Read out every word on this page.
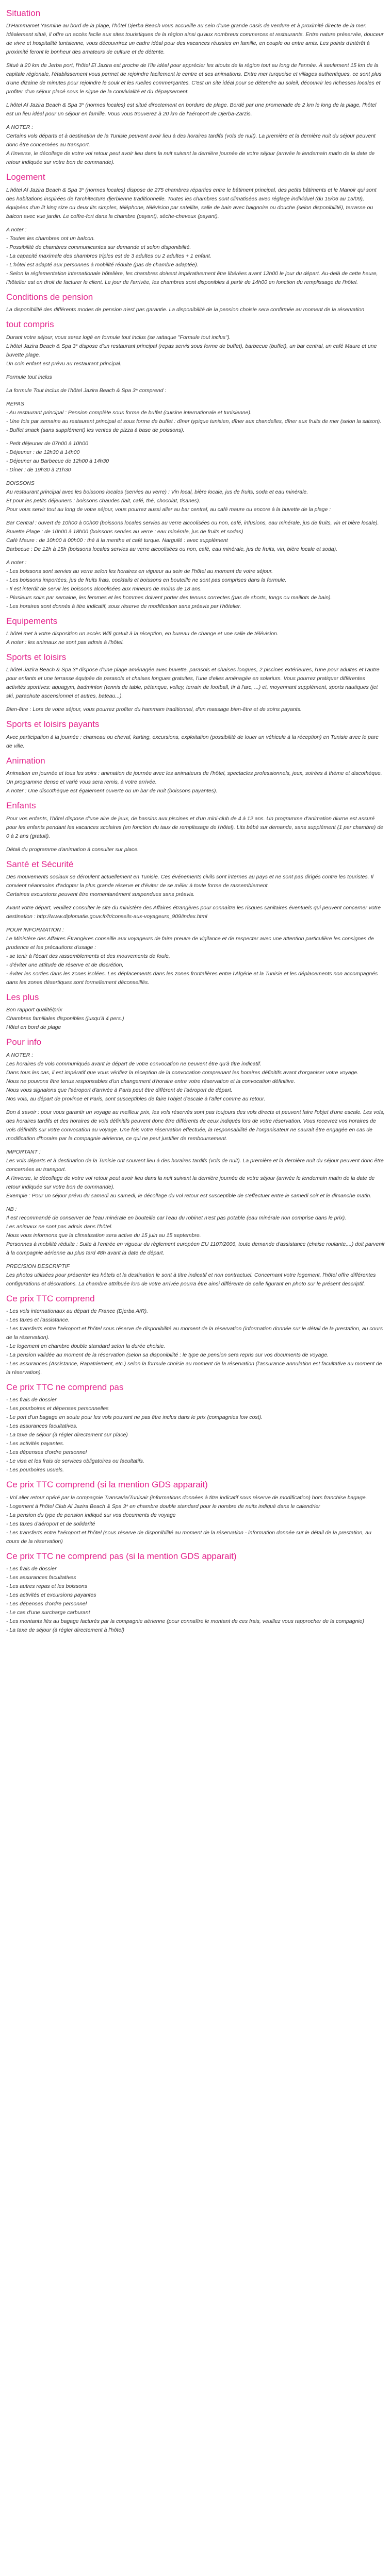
Situation
D'Hammamet Yasmine au bord de la plage, l'hôtel Djerba Beach vous accueille au sein d'une grande oasis de verdure et à proximité directe de la mer. Idéalement situé, il offre un accès facile aux sites touristiques de la région ainsi qu'aux nombreux commerces et restaurants. Entre nature préservée, douceur de vivre et hospitalité tunisienne, vous découvrirez un cadre idéal pour des vacances réussies en famille, en couple ou entre amis. Les points d'intérêt à proximité feront le bonheur des amateurs de culture et de détente.
Situé à 20 km de Jerba port, l'hôtel El Jazira est proche de l'île idéal pour apprécier les atouts de la région tout au long de l'année. À seulement 15 km de la capitale régionale, l'établissement vous permet de rejoindre facilement le centre et ses animations. Entre mer turquoise et villages authentiques, ce sont plus d'une dizaine de minutes pour rejoindre le souk et les ruelles commerçantes. C'est un site idéal pour se détendre au soleil, découvrir les richesses locales et profiter d'un séjour placé sous le signe de la convivialité et du dépaysement.
L'hôtel Al Jazira Beach & Spa 3* (normes locales) est situé directement en bordure de plage. Bordé par une promenade de 2 km le long de la plage, l'hôtel est un lieu idéal pour un séjour en famille. Vous vous trouverez à 20 km de l'aéroport de Djerba-Zarzis.
A NOTER :
Certains vols départs et à destination de la Tunisie peuvent avoir lieu à des horaires tardifs (vols de nuit). La première et la dernière nuit du séjour peuvent donc être concernées au transport.
A l'inverse, le décollage de votre vol retour peut avoir lieu dans la nuit suivant la dernière journée de votre séjour (arrivée le lendemain matin de la date de retour indiquée sur votre bon de commande).
Logement
L'hôtel Al Jazira Beach & Spa 3* (normes locales) dispose de 275 chambres réparties entre le bâtiment principal, des petits bâtiments et le Manoir qui sont des habitations inspirées de l'architecture djerbienne traditionnelle. Toutes les chambres sont climatisées avec réglage individuel (du 15/06 au 15/09), équipées d'un lit king size ou deux lits simples, téléphone, télévision par satellite, salle de bain avec baignoire ou douche (selon disponibilité), terrasse ou balcon avec vue jardin. Le coffre-fort dans la chambre (payant), sèche-cheveux (payant).
A noter :
- Toutes les chambres ont un balcon.
- Possibilité de chambres communicantes sur demande et selon disponibilité.
- La capacité maximale des chambres triples est de 3 adultes ou 2 adultes + 1 enfant.
- L'hôtel est adapté aux personnes à mobilité réduite (pas de chambre adaptée).
- Selon la réglementation internationale hôtelière, les chambres doivent impérativement être libérées avant 12h00 le jour du départ. Au-delà de cette heure, l'hôtelier est en droit de facturer le client. Le jour de l'arrivée, les chambres sont disponibles à partir de 14h00 en fonction du remplissage de l'hôtel.
Conditions de pension
La disponibilité des différents modes de pension n'est pas garantie. La disponibilité de la pension choisie sera confirmée au moment de la réservation
tout compris
Durant votre séjour, vous serez logé en formule tout inclus (se rattaque "Formule tout inclus").
L'hôtel Jazira Beach & Spa 3* dispose d'un restaurant principal (repas servis sous forme de buffet), barbecue (buffet), un bar central, un café Maure et une buvette plage.
Un coin enfant est prévu au restaurant principal.
Formule tout inclus
La formule Tout inclus de l'hôtel Jazira Beach & Spa 3* comprend :
REPAS
- Au restaurant principal : Pension complète sous forme de buffet (cuisine internationale et tunisienne).
- Une fois par semaine au restaurant principal et sous forme de buffet : dîner typique tunisien, dîner aux chandelles, dîner aux fruits de mer (selon la saison).
- Buffet snack (sans supplément) les ventes de pizza à base de poissons).
- Petit déjeuner de 07h00 à 10h00
- Déjeuner : de 12h30 à 14h00
- Déjeuner au Barbecue de 12h00 à 14h30
- Dîner : de 19h30 à 21h30
BOISSONS
Au restaurant principal avec les boissons locales (servies au verre) : Vin local, bière locale, jus de fruits, soda et eau minérale.
Et pour les petits déjeuners : boissons chaudes (lait, café, thé, chocolat, tisanes).
Pour vous servir tout au long de votre séjour, vous pourrez aussi aller au bar central, au café maure ou encore à la buvette de la plage :
Bar Central : ouvert de 10h00 à 00h00 (boissons locales servies au verre alcoolisées ou non, café, infusions, eau minérale, jus de fruits, vin et bière locale).
Buvette Plage : de 10h00 à 18h00 (boissons servies au verre : eau minérale, jus de fruits et sodas)
Café Maure : de 10h00 à 00h00 : thé à la menthe et café turque. Narguilé : avec supplément
Barbecue : De 12h à 15h (boissons locales servies au verre alcoolisées ou non, café, eau minérale, jus de fruits, vin, bière locale et soda).
A noter :
- Les boissons sont servies au verre selon les horaires en vigueur au sein de l'hôtel au moment de votre séjour.
- Les boissons importées, jus de fruits frais, cocktails et boissons en bouteille ne sont pas comprises dans la formule.
- Il est interdit de servir les boissons alcoolisées aux mineurs de moins de 18 ans.
- Plusieurs soirs par semaine, les femmes et les hommes doivent porter des tenues correctes (pas de shorts, tongs ou maillots de bain).
- Les horaires sont donnés à titre indicatif, sous réserve de modification sans préavis par l'hôtelier.
Equipements
L'hôtel met à votre disposition un accès Wifi gratuit à la réception, en bureau de change et une salle de télévision.
A noter : les animaux ne sont pas admis à l'hôtel.
Sports et loisirs
L'hôtel Jazira Beach & Spa 3* dispose d'une plage aménagée avec buvette, parasols et chaises longues, 2 piscines extérieures, l'une pour adultes et l'autre pour enfants et une terrasse équipée de parasols et chaises longues gratuites, l'une d'elles aménagée en solarium. Vous pourrez pratiquer différentes activités sportives: aquagym, badminton (tennis de table, pétanque, volley, terrain de football, tir à l'arc, ...) et, moyennant supplément, sports nautiques (jet ski, parachute ascensionnel et autres, bateau...).
Bien-être : Lors de votre séjour, vous pourrez profiter du hammam traditionnel, d'un massage bien-être et de soins payants.
Sports et loisirs payants
Avec participation à la journée : chameau ou cheval, karting, excursions, exploitation (possibilité de louer un véhicule à la réception) en Tunisie avec le parc de ville.
Animation
Animation en journée et tous les soirs : animation de journée avec les animateurs de l'hôtel, spectacles professionnels, jeux, soirées à thème et discothèque. Un programme dense et varié vous sera remis, à votre arrivée.
A noter : Une discothèque est également ouverte ou un bar de nuit (boissons payantes).
Enfants
Pour vos enfants, l'hôtel dispose d'une aire de jeux, de bassins aux piscines et d'un mini-club de 4 à 12 ans. Un programme d'animation diurne est assuré pour les enfants pendant les vacances scolaires (en fonction du taux de remplissage de l'hôtel). Lits bébé sur demande, sans supplément (1 par chambre) de 0 à 2 ans (gratuit).
Détail du programme d'animation à consulter sur place.
Santé et Sécurité
Des mouvements sociaux se déroulent actuellement en Tunisie. Ces événements civils sont internes au pays et ne sont pas dirigés contre les touristes. Il convient néanmoins d'adopter la plus grande réserve et d'éviter de se mêler à toute forme de rassemblement.
Certaines excursions peuvent être momentanément suspendues sans préavis.
Avant votre départ, veuillez consulter le site du ministère des Affaires étrangères pour connaître les risques sanitaires éventuels qui peuvent concerner votre destination : http://www.diplomatie.gouv.fr/fr/conseils-aux-voyageurs_909/index.html
POUR INFORMATION :
Le Ministère des Affaires Étrangères conseille aux voyageurs de faire preuve de vigilance et de respecter avec une attention particulière les consignes de prudence et les précautions d'usage :
- se tenir à l'écart des rassemblements et des mouvements de foule,
- d'éviter une attitude de réserve et de discrétion,
- éviter les sorties dans les zones isolées. Les déplacements dans les zones frontalières entre l'Algérie et la Tunisie et les déplacements non accompagnés dans les zones désertiques sont formellement déconseillés.
Les plus
Bon rapport qualité/prix
Chambres familiales disponibles (jusqu'à 4 pers.)
Hôtel en bord de plage
Pour info
A NOTER :
Les horaires de vols communiqués avant le départ de votre convocation ne peuvent être qu'à titre indicatif.
Dans tous les cas, il est impératif que vous vérifiez la réception de la convocation comprenant les horaires définitifs avant d'organiser votre voyage.
Nous ne pouvons être tenus responsables d'un changement d'horaire entre votre réservation et la convocation définitive.
Nous vous signalons que l'aéroport d'arrivée à Paris peut être différent de l'aéroport de départ.
Nos vols, au départ de province et Paris, sont susceptibles de faire l'objet d'escale à l'aller comme au retour.
Bon à savoir : pour vous garantir un voyage au meilleur prix, les vols réservés sont pas toujours des vols directs et peuvent faire l'objet d'une escale. Les vols, des horaires tardifs et des horaires de vols définitifs peuvent donc être différents de ceux indiqués lors de votre réservation. Vous recevrez vos horaires de vols définitifs sur votre convocation au voyage. Une fois votre réservation effectuée, la responsabilité de l'organisateur ne saurait être engagée en cas de modification d'horaire par la compagnie aérienne, ce qui ne peut justifier de remboursement.
IMPORTANT :
Les vols départs et à destination de la Tunisie ont souvent lieu à des horaires tardifs (vols de nuit). La première et la dernière nuit du séjour peuvent donc être concernées au transport.
A l'inverse, le décollage de votre vol retour peut avoir lieu dans la nuit suivant la dernière journée de votre séjour (arrivée le lendemain matin de la date de retour indiquée sur votre bon de commande).
Exemple : Pour un séjour prévu du samedi au samedi, le décollage du vol retour est susceptible de s'effectuer entre le samedi soir et le dimanche matin.
NB :
Il est recommandé de conserver de l'eau minérale en bouteille car l'eau du robinet n'est pas potable (eau minérale non comprise dans le prix).
Les animaux ne sont pas admis dans l'hôtel.
Nous vous informons que la climatisation sera active du 15 juin au 15 septembre.
Personnes à mobilité réduite : Suite à l'entrée en vigueur du règlement européen EU 1107/2006, toute demande d'assistance (chaise roulante,...) doit parvenir à la compagnie aérienne au plus tard 48h avant la date de départ.
PRECISION DESCRIPTIF
Les photos utilisées pour présenter les hôtels et la destination le sont à titre indicatif et non contractuel. Concernant votre logement, l'hôtel offre différentes configurations et décorations. La chambre attribuée lors de votre arrivée pourra être ainsi différente de celle figurant en photo sur le présent descriptif.
Ce prix TTC comprend
- Les vols internationaux au départ de France (Djerba A/R).
- Les taxes et l'assistance.
- Les transferts entre l'aéroport et l'hôtel sous réserve de disponibilité au moment de la réservation (information donnée sur le détail de la prestation, au cours de la réservation).
- Le logement en chambre double standard selon la durée choisie.
- La pension validée au moment de la réservation (selon sa disponibilité : le type de pension sera repris sur vos documents de voyage.
- Les assurances (Assistance, Rapatriement, etc.) selon la formule choisie au moment de la réservation (l'assurance annulation est facultative au moment de la réservation).
Ce prix TTC ne comprend pas
- Les frais de dossier
- Les pourboires et dépenses personnelles
- Le port d'un bagage en soute pour les vols pouvant ne pas être inclus dans le prix (compagnies low cost).
- Les assurances facultatives.
- La taxe de séjour (à régler directement sur place)
- Les activités payantes.
- Les dépenses d'ordre personnel
- Le visa et les frais de services obligatoires ou facultatifs.
- Les pourboires usuels.
Ce prix TTC comprend (si la mention GDS apparait)
- Vol aller retour opéré par la compagnie Transavia/Tunisair (informations données à titre indicatif sous réserve de modification) hors franchise bagage.
- Logement à l'hôtel Club Al Jazira Beach & Spa 3* en chambre double standard pour le nombre de nuits indiqué dans le calendrier
- La pension du type de pension indiqué sur vos documents de voyage
- Les taxes d'aéroport et de solidarité
- Les transferts entre l'aéroport et l'hôtel (sous réserve de disponibilité au moment de la réservation - information donnée sur le détail de la prestation, au cours de la réservation)
Ce prix TTC ne comprend pas (si la mention GDS apparait)
- Les frais de dossier
- Les assurances facultatives
- Les autres repas et les boissons
- Les activités et excursions payantes
- Les dépenses d'ordre personnel
- Le cas d'une surcharge carburant
- Les montants liés au bagage facturés par la compagnie aérienne (pour connaître le montant de ces frais, veuillez vous rapprocher de la compagnie)
- La taxe de séjour (à régler directement à l'hôtel)
